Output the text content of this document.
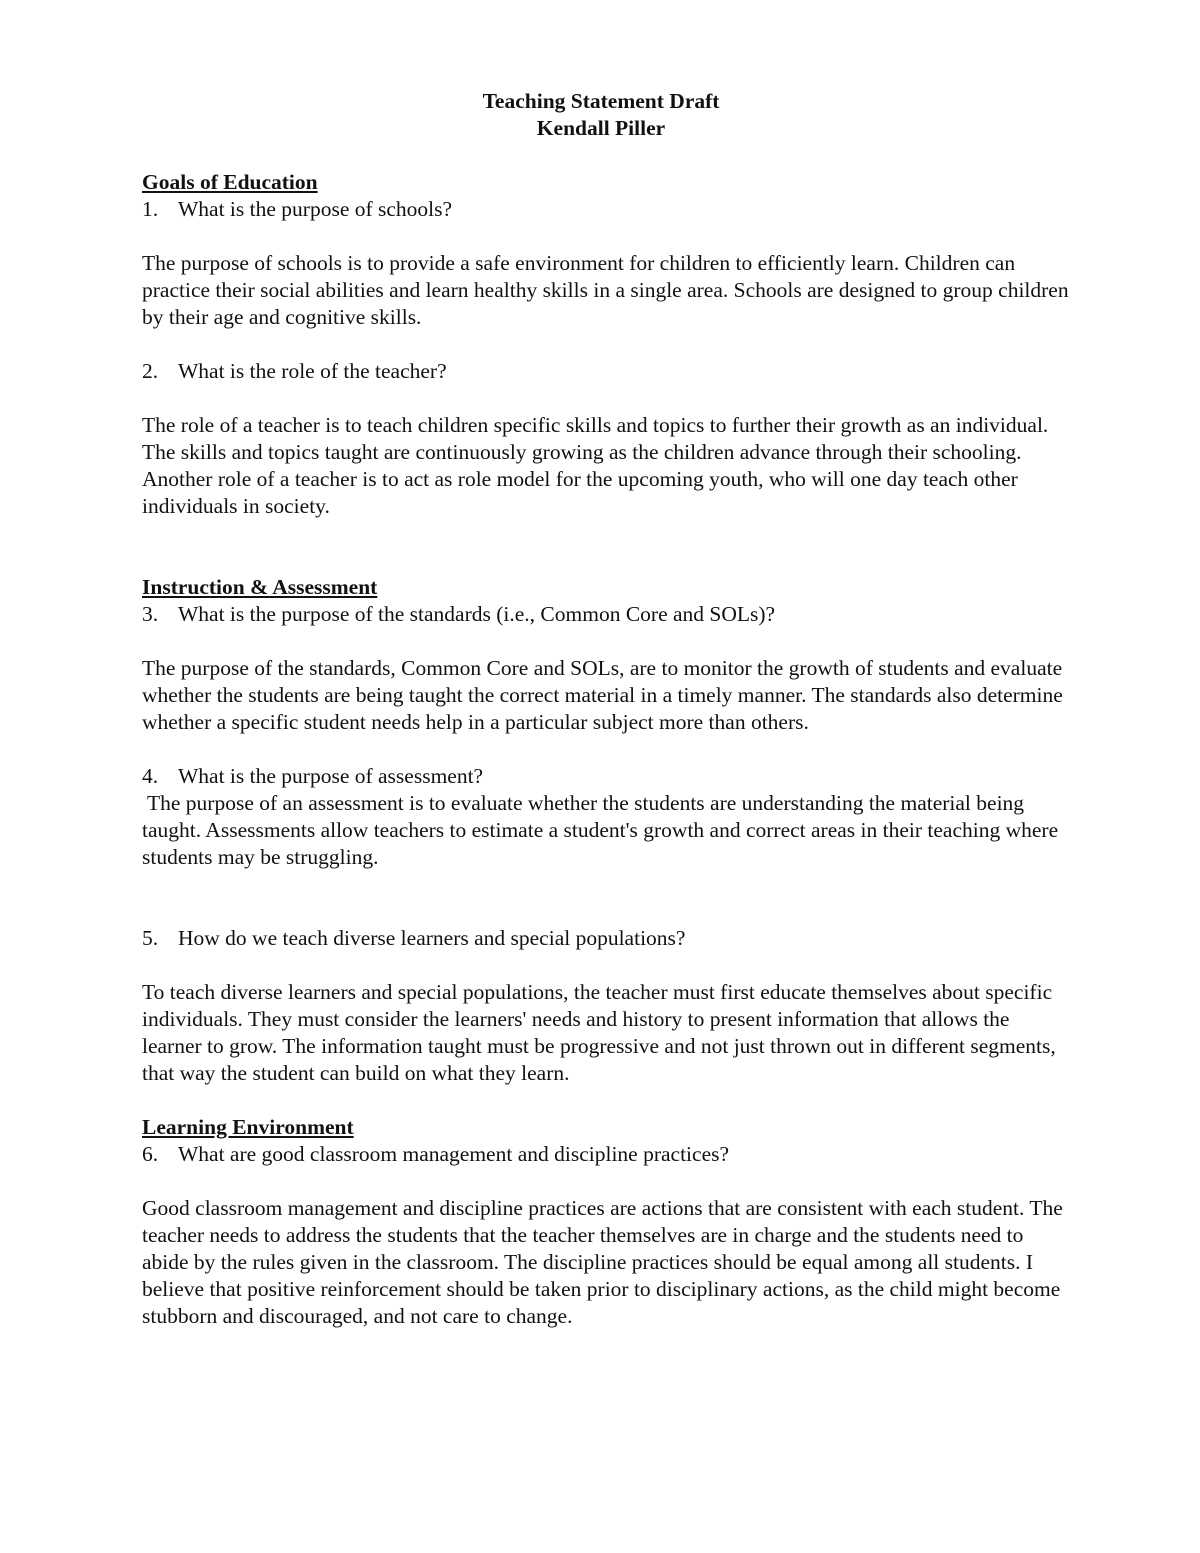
Teaching Statement Draft
Kendall Piller
Goals of Education
1. What is the purpose of schools?

The purpose of schools is to provide a safe environment for children to efficiently learn. Children can practice their social abilities and learn healthy skills in a single area. Schools are designed to group children by their age and cognitive skills.

2. What is the role of the teacher?

The role of a teacher is to teach children specific skills and topics to further their growth as an individual. The skills and topics taught are continuously growing as the children advance through their schooling. Another role of a teacher is to act as role model for the upcoming youth, who will one day teach other individuals in society.

Instruction & Assessment
3. What is the purpose of the standards (i.e., Common Core and SOLs)?

The purpose of the standards, Common Core and SOLs, are to monitor the growth of students and evaluate whether the students are being taught the correct material in a timely manner. The standards also determine whether a specific student needs help in a particular subject more than others.

4. What is the purpose of assessment?

The purpose of an assessment is to evaluate whether the students are understanding the material being taught. Assessments allow teachers to estimate a student's growth and correct areas in their teaching where students may be struggling.

5. How do we teach diverse learners and special populations?

To teach diverse learners and special populations, the teacher must first educate themselves about specific individuals. They must consider the learners' needs and history to present information that allows the learner to grow. The information taught must be progressive and not just thrown out in different segments, that way the student can build on what they learn.

Learning Environment
6. What are good classroom management and discipline practices?

Good classroom management and discipline practices are actions that are consistent with each student. The teacher needs to address the students that the teacher themselves are in charge and the students need to abide by the rules given in the classroom. The discipline practices should be equal among all students. I believe that positive reinforcement should be taken prior to disciplinary actions, as the child might become stubborn and discouraged, and not care to change.
